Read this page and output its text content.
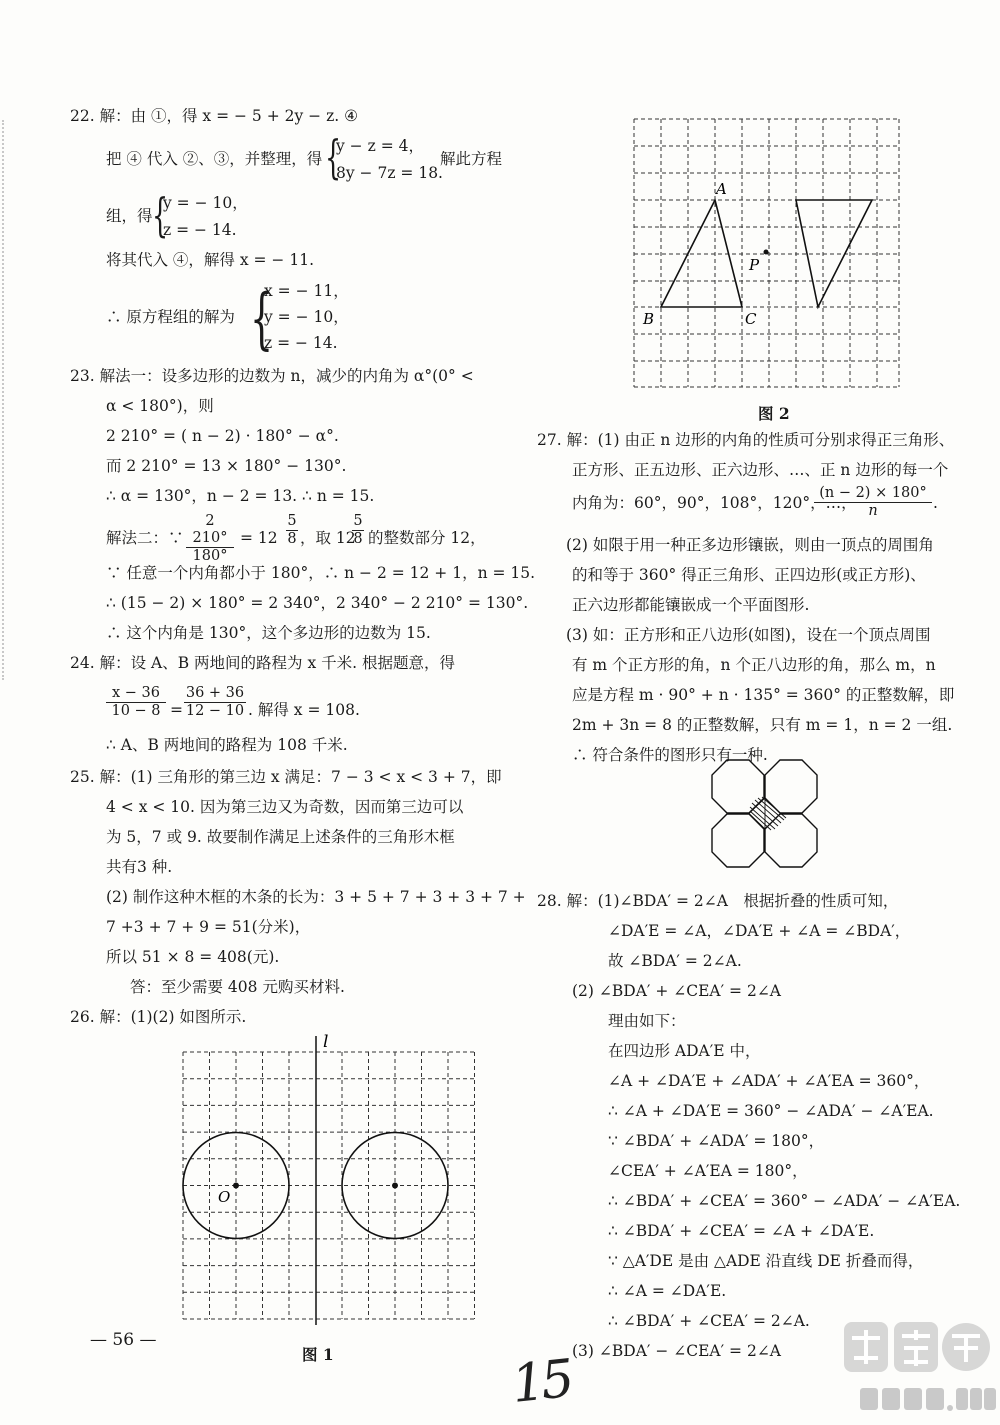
22. 解：由 ①，得 x = − 5 + 2y − z. ④
把 ④ 代入 ②、③，并整理，得 {
y − z = 4，
8y − 7z = 18.
解此方程
组，得 {
y = − 10，
z = − 14.
将其代入 ④，解得 x = − 11.
∴ 原方程组的解为 {
x = − 11，
y = − 10，
z = − 14.
23. 解法一：设多边形的边数为 n，减少的内角为 α°(0° <
α < 180°)，则
2 210° = ( n − 2) · 180° − α°.
而 2 210° = 13 × 180° − 130°.
∴ α = 130°，n − 2 = 13. ∴ n = 15.
解法二：∵ $\frac{2 210^\circ}{180^\circ} = 12 \frac{5}{8}$ ，取 12
$\frac{5}{8}$ 的整数部分 12，
∵ 任意一个内角都小于 180°，∴ n − 2 = 12 + 1，n = 15.
∴ (15 − 2) × 180° = 2 340°，2 340° − 2 210° = 130°.
∴ 这个内角是 130°，这个多边形的边数为 15.
24. 解：设 A、B 两地间的路程为 x 千米. 根据题意，得
$\frac{x - 36}{10 - 8} = \frac{36 + 36}{12 - 10}$ . 解得 x = 108.
∴ A、B 两地间的路程为 108 千米.
25. 解：(1) 三角形的第三边 x 满足：7 − 3 < x < 3 + 7，即
4 < x < 10. 因为第三边又为奇数，因而第三边可以
为 5，7 或 9. 故要制作满足上述条件的三角形木框
共有3 种.
(2) 制作这种木框的木条的长为：3 + 5 + 7 + 3 + 3 + 7 +
7 +3 + 7 + 9 = 51(分米)，
所以 51 × 8 = 408(元).
答：至少需要 408 元购买材料.
26. 解：(1)(2) 如图所示.
l
O
图 1
— 56 —
A
B	C
P
图 2
27. 解：(1) 由正 n 边形的内角的性质可分别求得正三角形、
正方形、正五边形、正六边形、…、正 n 边形的每一个
内角为：60°，90°，108°，120°，…，
$\frac{(n - 2) \times 180^\circ}{n}$ .
(2) 如限于用一种正多边形镶嵌，则由一顶点的周围角
的和等于 360° 得正三角形、正四边形(或正方形)、
正六边形都能镶嵌成一个平面图形.
(3) 如：正方形和正八边形(如图)，设在一个顶点周围
有 m 个正方形的角，n 个正八边形的角，那么 m，n
应是方程 m · 90° + n · 135° = 360° 的正整数解，即
2m + 3n = 8 的正整数解，只有 m = 1，n = 2 一组.
∴ 符合条件的图形只有一种.
28. 解：(1)∠BDA′ = 2∠A　根据折叠的性质可知，
∠DA′E = ∠A，∠DA′E + ∠A = ∠BDA′，
故 ∠BDA′ = 2∠A.
(2) ∠BDA′ + ∠CEA′ = 2∠A
理由如下：
在四边形 ADA′E 中，
∠A + ∠DA′E + ∠ADA′ + ∠A′EA = 360°，
∴ ∠A + ∠DA′E = 360° − ∠ADA′ − ∠A′EA.
∵ ∠BDA′ + ∠ADA′ = 180°，
∠CEA′ + ∠A′EA = 180°，
∴ ∠BDA′ + ∠CEA′ = 360° − ∠ADA′ − ∠A′EA.
∴ ∠BDA′ + ∠CEA′ = ∠A + ∠DA′E.
∵ △A′DE 是由 △ADE 沿直线 DE 折叠而得，
∴ ∠A = ∠DA′E.
∴ ∠BDA′ + ∠CEA′ = 2∠A.
(3) ∠BDA′ − ∠CEA′ = 2∠A
15
